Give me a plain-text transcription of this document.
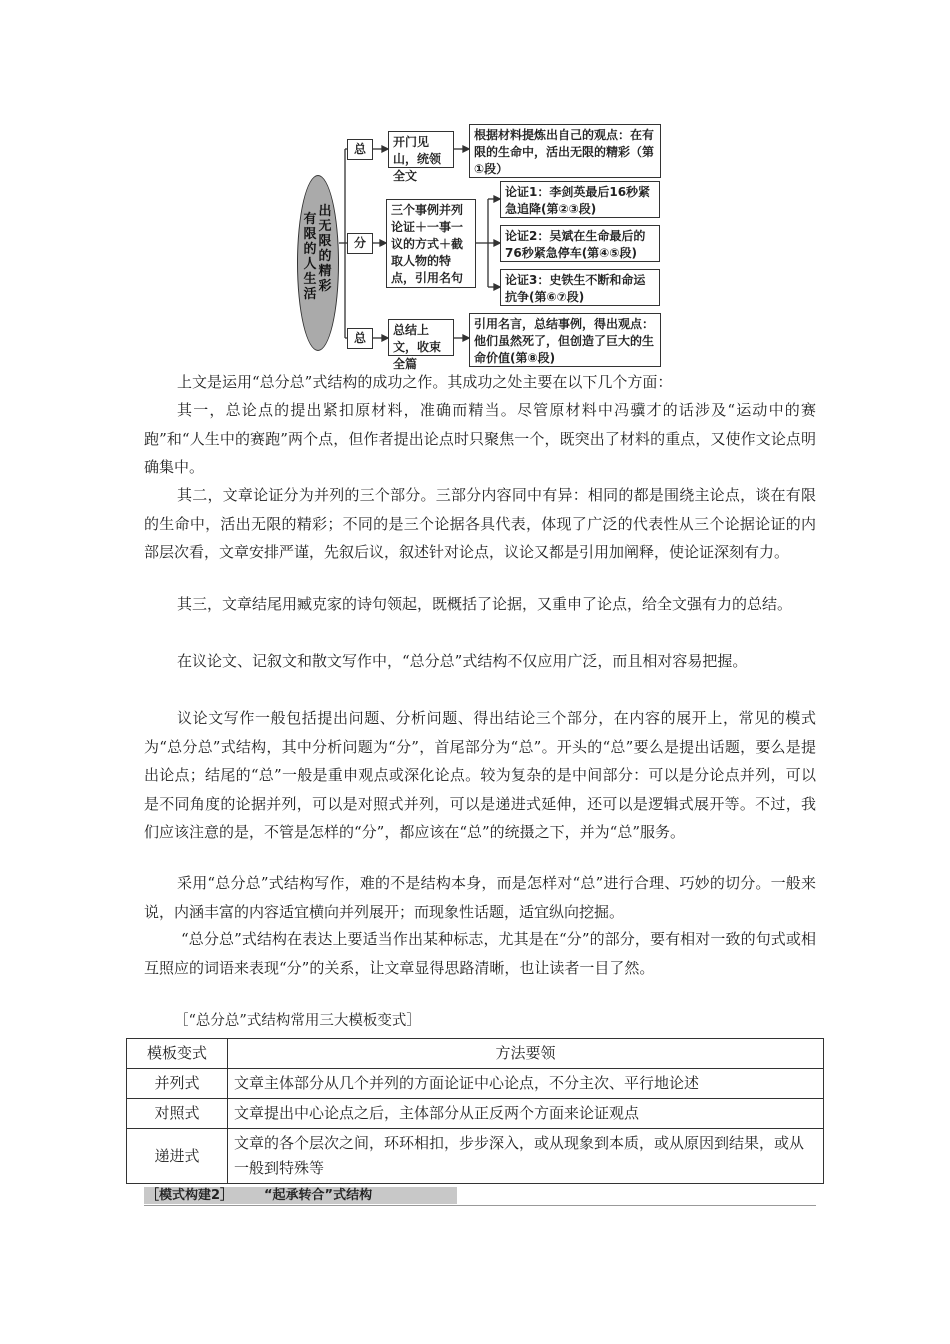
出无限的精彩
有限的人生活
总
分
总
开门见山，统领全文
三个事例并列论证＋一事一议的方式＋截取人物的特点，引用名句
总结上文，收束全篇
根据材料提炼出自己的观点：在有限的生命中，活出无限的精彩（第①段）
论证1：李剑英最后16秒紧急追降(第②③段)
论证2：吴斌在生命最后的76秒紧急停车(第④⑤段)
论证3：史铁生不断和命运抗争(第⑥⑦段)
引用名言，总结事例，得出观点：他们虽然死了，但创造了巨大的生命价值(第⑧段)
上文是运用“总分总”式结构的成功之作。其成功之处主要在以下几个方面：
其一，总论点的提出紧扣原材料，准确而精当。尽管原材料中冯骥才的话涉及“运动中的赛跑”和“人生中的赛跑”两个点，但作者提出论点时只聚焦一个，既突出了材料的重点，又使作文论点明确集中。
其二，文章论证分为并列的三个部分。三部分内容同中有异：相同的都是围绕主论点，谈在有限的生命中，活出无限的精彩；不同的是三个论据各具代表，体现了广泛的代表性从三个论据论证的内部层次看，文章安排严谨，先叙后议，叙述针对论点，议论又都是引用加阐释，使论证深刻有力。
其三，文章结尾用臧克家的诗句领起，既概括了论据，又重申了论点，给全文强有力的总结。
在议论文、记叙文和散文写作中，“总分总”式结构不仅应用广泛，而且相对容易把握。
议论文写作一般包括提出问题、分析问题、得出结论三个部分，在内容的展开上，常见的模式为“总分总”式结构，其中分析问题为“分”，首尾部分为“总”。开头的“总”要么是提出话题，要么是提出论点；结尾的“总”一般是重申观点或深化论点。较为复杂的是中间部分：可以是分论点并列，可以是不同角度的论据并列，可以是对照式并列，可以是递进式延伸，还可以是逻辑式展开等。不过，我们应该注意的是，不管是怎样的“分”，都应该在“总”的统摄之下，并为“总”服务。
采用“总分总”式结构写作，难的不是结构本身，而是怎样对“总”进行合理、巧妙的切分。一般来说，内涵丰富的内容适宜横向并列展开；而现象性话题，适宜纵向挖掘。
“总分总”式结构在表达上要适当作出某种标志，尤其是在“分”的部分，要有相对一致的句式或相互照应的词语来表现“分”的关系，让文章显得思路清晰，也让读者一目了然。
［“总分总”式结构常用三大模板变式］
模板变式	方法要领
并列式	文章主体部分从几个并列的方面论证中心论点，不分主次、平行地论述
对照式	文章提出中心论点之后，主体部分从正反两个方面来论证观点
递进式	文章的各个层次之间，环环相扣，步步深入，或从现象到本质，或从原因到结果，或从一般到特殊等
［模式构建2］ “起承转合”式结构
